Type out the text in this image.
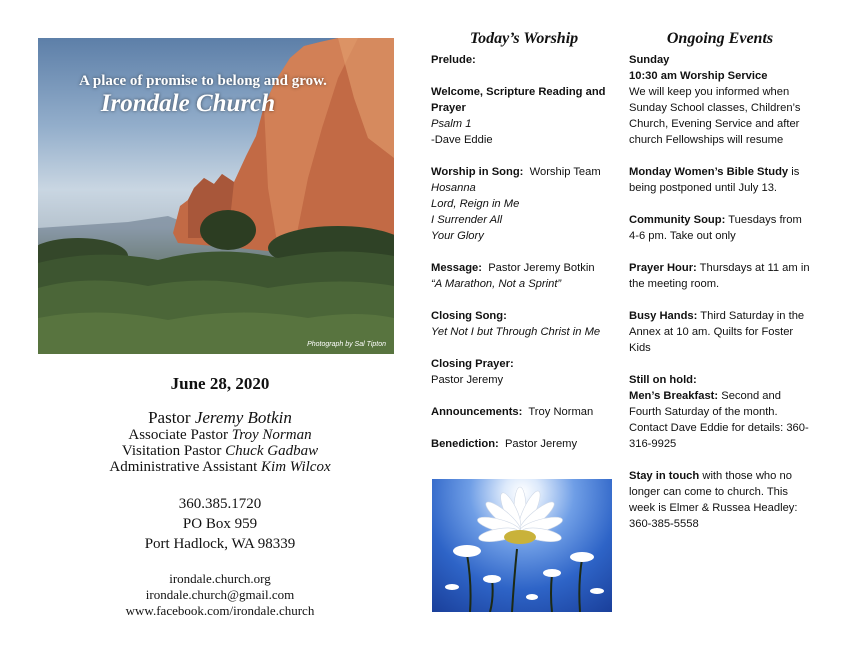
A place of promise to belong and grow.
Irondale Church
Photograph by Sal Tipton
June 28, 2020
Pastor Jeremy Botkin
Associate Pastor Troy Norman
Visitation Pastor Chuck Gadbaw
Administrative Assistant Kim Wilcox
360.385.1720
PO Box 959
Port Hadlock, WA 98339
irondale.church.org
irondale.church@gmail.com
www.facebook.com/irondale.church
Today’s Worship
Prelude:
Welcome, Scripture Reading and Prayer
Psalm 1
-Dave Eddie
Worship in Song: Worship Team
Hosanna
Lord, Reign in Me
I Surrender All
Your Glory
Message: Pastor Jeremy Botkin
“A Marathon, Not a Sprint”
Closing Song:
Yet Not I but Through Christ in Me
Closing Prayer:
Pastor Jeremy
Announcements: Troy Norman
Benediction: Pastor Jeremy
Ongoing Events
Sunday
10:30 am Worship Service
We will keep you informed when Sunday School classes, Children’s Church, Evening Service and after church Fellowships will resume
Monday Women’s Bible Study is being postponed until July 13.
Community Soup: Tuesdays from 4-6 pm. Take out only
Prayer Hour: Thursdays at 11 am in the meeting room.
Busy Hands: Third Saturday in the Annex at 10 am. Quilts for Foster Kids
Still on hold:
Men’s Breakfast: Second and Fourth Saturday of the month. Contact Dave Eddie for details: 360-316-9925
Stay in touch with those who no longer can come to church. This week is Elmer & Russea Headley: 360-385-5558
